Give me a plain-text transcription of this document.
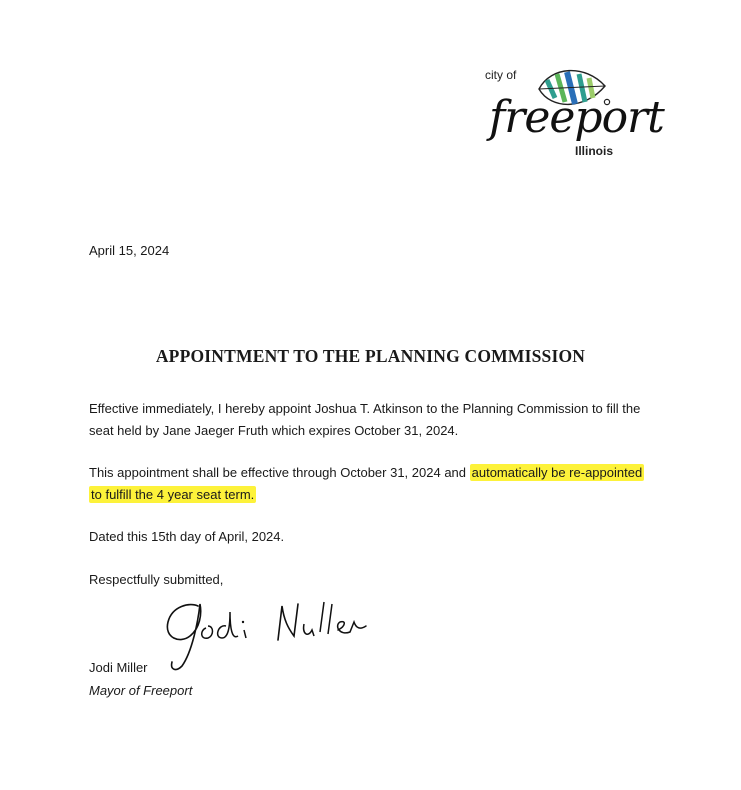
city of
freeport
Illinois
April 15, 2024
APPOINTMENT TO THE PLANNING COMMISSION
Effective immediately, I hereby appoint Joshua T. Atkinson to the Planning Commission to fill the
seat held by Jane Jaeger Fruth which expires October 31, 2024.
This appointment shall be effective through October 31, 2024 and automatically be re-appointed
to fulfill the 4 year seat term.
Dated this 15th day of April, 2024.
Respectfully submitted,
Jodi Miller
Mayor of Freeport
